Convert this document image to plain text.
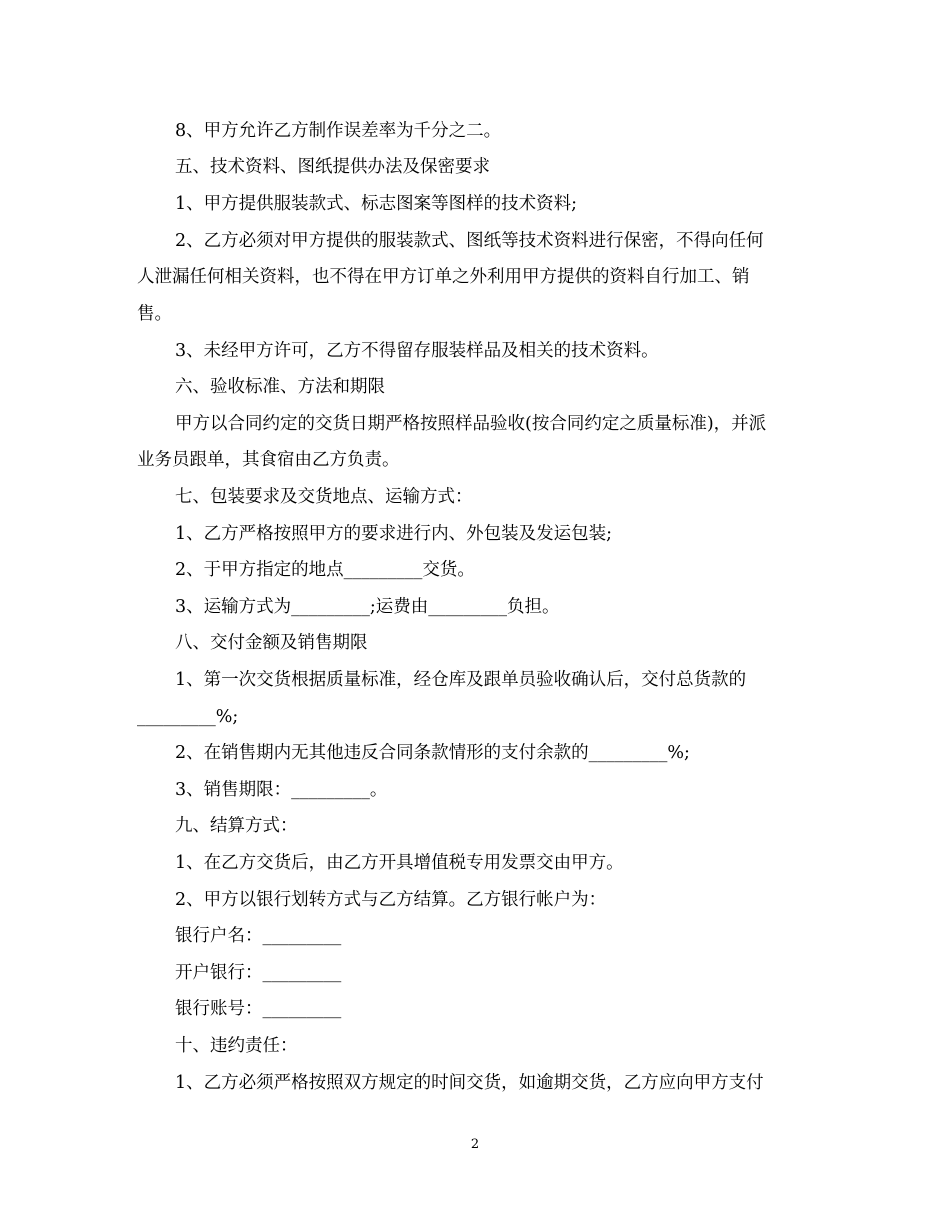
8、甲方允许乙方制作误差率为千分之二。
五、技术资料、图纸提供办法及保密要求
1、甲方提供服装款式、标志图案等图样的技术资料;
2、乙方必须对甲方提供的服装款式、图纸等技术资料进行保密，不得向任何
人泄漏任何相关资料，也不得在甲方订单之外利用甲方提供的资料自行加工、销
售。
3、未经甲方许可，乙方不得留存服装样品及相关的技术资料。
六、验收标准、方法和期限
甲方以合同约定的交货日期严格按照样品验收(按合同约定之质量标准)，并派
业务员跟单，其食宿由乙方负责。
七、包装要求及交货地点、运输方式：
1、乙方严格按照甲方的要求进行内、外包装及发运包装;
2、于甲方指定的地点_________交货。
3、运输方式为_________;运费由_________负担。
八、交付金额及销售期限
1、第一次交货根据质量标准，经仓库及跟单员验收确认后，交付总货款的
_________%;
2、在销售期内无其他违反合同条款情形的支付余款的_________%;
3、销售期限：_________。
九、结算方式：
1、在乙方交货后，由乙方开具增值税专用发票交由甲方。
2、甲方以银行划转方式与乙方结算。乙方银行帐户为：
银行户名：_________
开户银行：_________
银行账号：_________
十、违约责任：
1、乙方必须严格按照双方规定的时间交货，如逾期交货，乙方应向甲方支付
2
